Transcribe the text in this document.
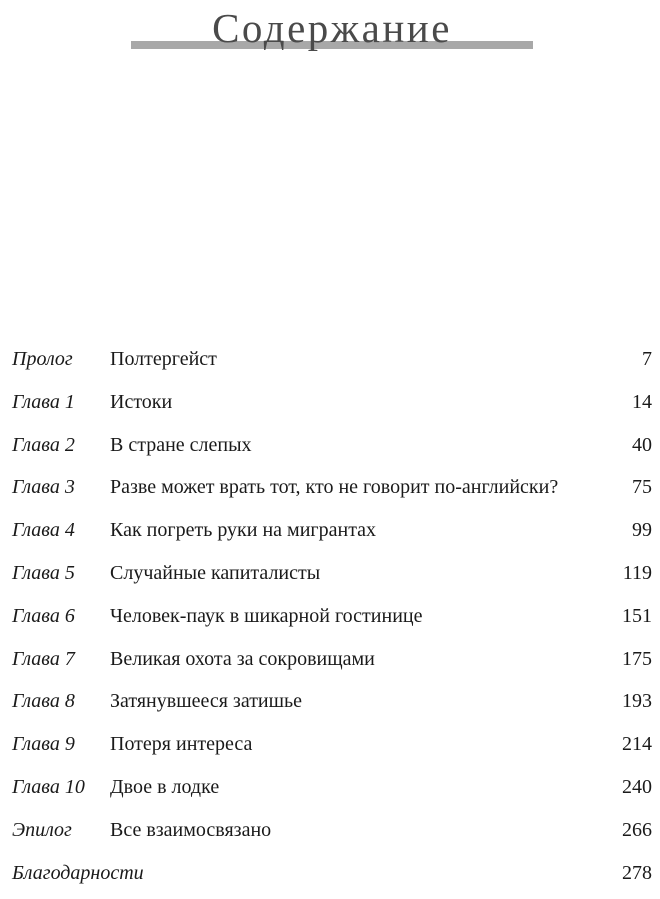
Содержание
Пролог Полтергейст	7
Глава 1 Истоки	14
Глава 2 В стране слепых	40
Глава 3 Разве может врать тот, кто не говорит по-английски?	75
Глава 4 Как погреть руки на мигрантах	99
Глава 5 Случайные капиталисты	119
Глава 6 Человек-паук в шикарной гостинице	151
Глава 7 Великая охота за сокровищами	175
Глава 8 Затянувшееся затишье	193
Глава 9 Потеря интереса	214
Глава 10 Двое в лодке	240
Эпилог Все взаимосвязано	266
Благодарности	278
